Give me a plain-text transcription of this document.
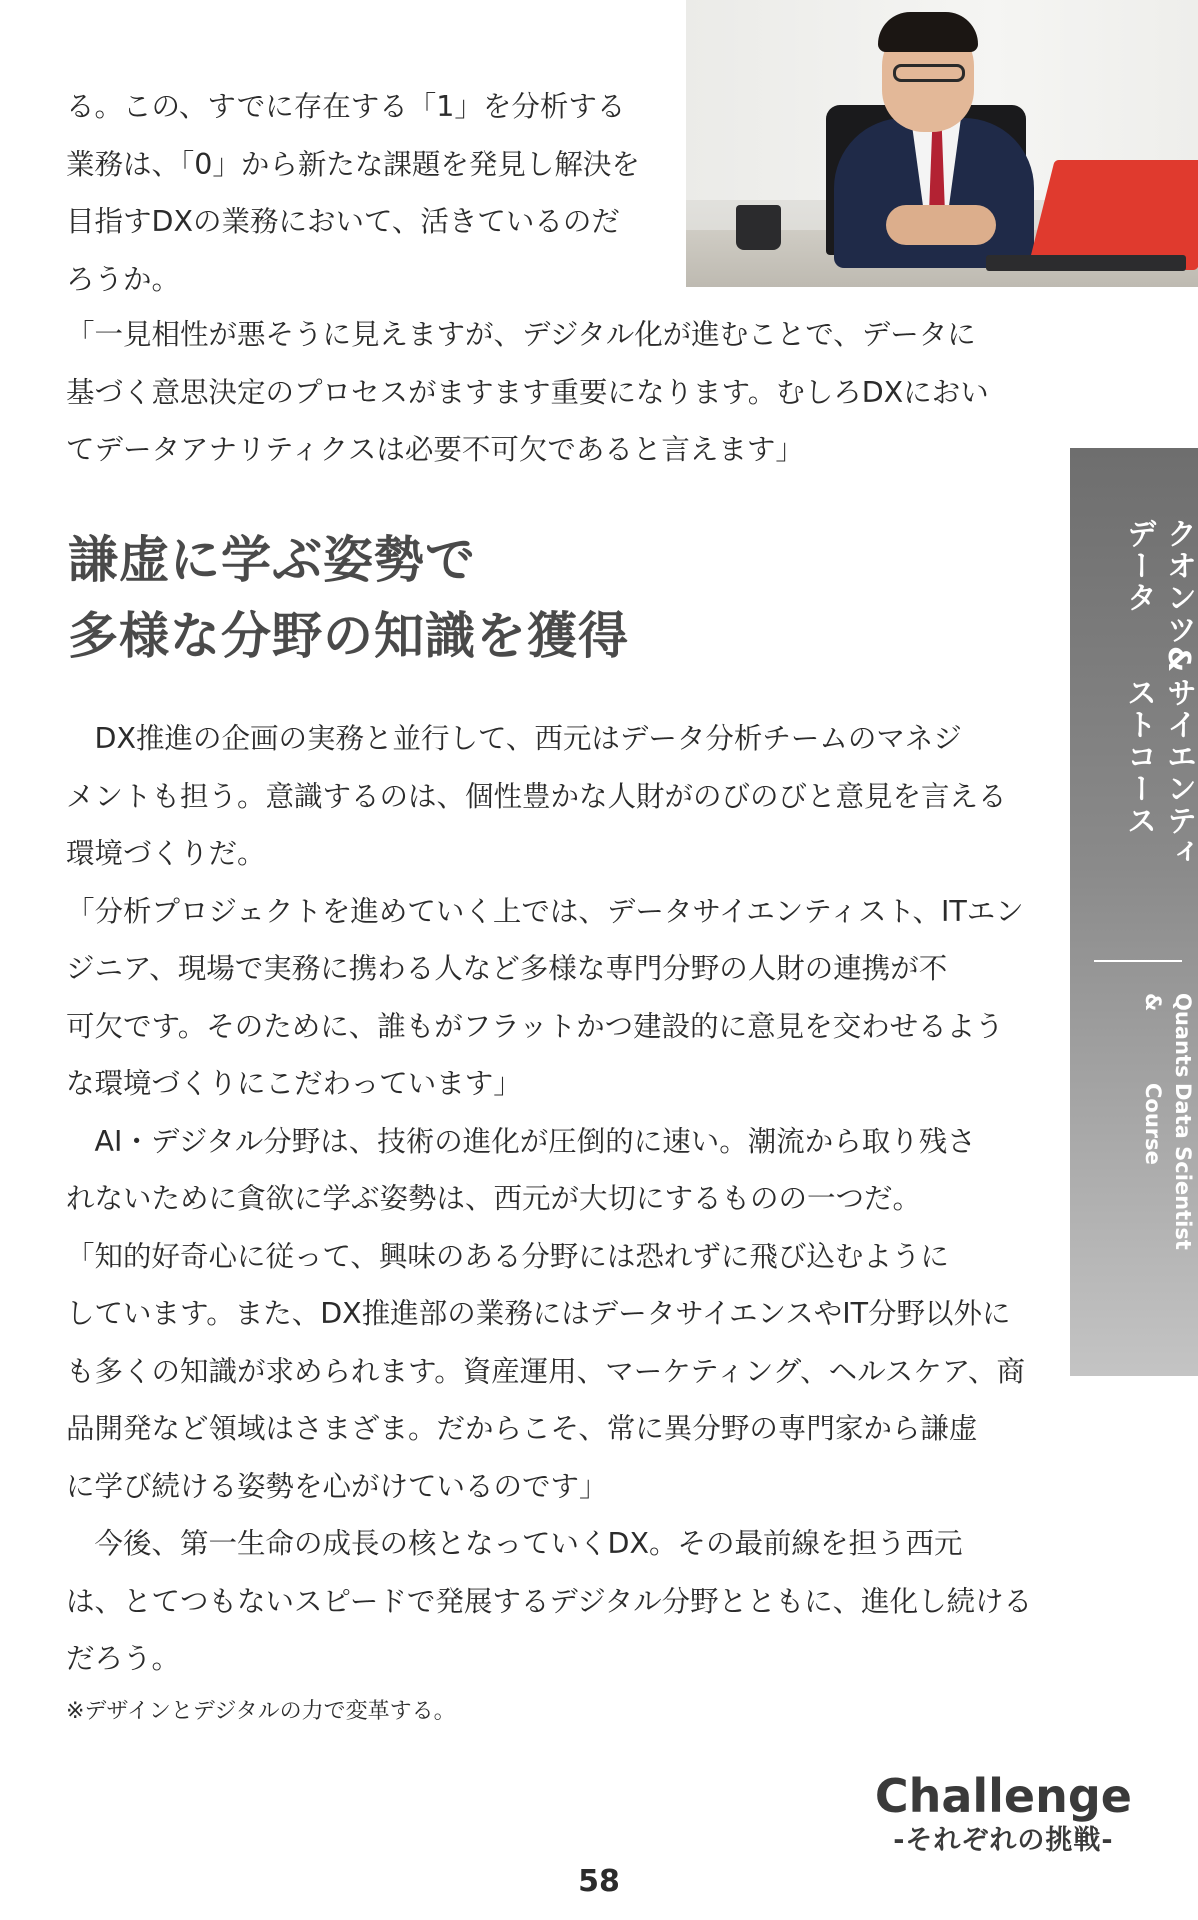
る。この、すでに存在する「1」を分析する
業務は、「0」から新たな課題を発見し解決を
目指すDXの業務において、活きているのだ
ろうか。

「一見相性が悪そうに見えますが、デジタル化が進むことで、データに
基づく意思決定のプロセスがますます重要になります。むしろDXにおい
てデータアナリティクスは必要不可欠であると言えます」

謙虚に学ぶ姿勢で
多様な分野の知識を獲得

　DX推進の企画の実務と並行して、西元はデータ分析チームのマネジ
メントも担う。意識するのは、個性豊かな人財がのびのびと意見を言える
環境づくりだ。
「分析プロジェクトを進めていく上では、データサイエンティスト、ITエン
ジニア、現場で実務に携わる人など多様な専門分野の人財の連携が不
可欠です。そのために、誰もがフラットかつ建設的に意見を交わせるよう
な環境づくりにこだわっています」
　AI・デジタル分野は、技術の進化が圧倒的に速い。潮流から取り残さ
れないために貪欲に学ぶ姿勢は、西元が大切にするものの一つだ。
「知的好奇心に従って、興味のある分野には恐れずに飛び込むように
しています。また、DX推進部の業務にはデータサイエンスやIT分野以外に
も多くの知識が求められます。資産運用、マーケティング、ヘルスケア、商
品開発など領域はさまざま。だからこそ、常に異分野の専門家から謙虚
に学び続ける姿勢を心がけているのです」
　今後、第一生命の成長の核となっていくDX。その最前線を担う西元
は、とてつもないスピードで発展するデジタル分野とともに、進化し続ける
だろう。

※デザインとデジタルの力で変革する。

クオンツ&データ
サイエンティストコース
Quants &
Data Scientist Course
Challenge
-それぞれの挑戦-
58
